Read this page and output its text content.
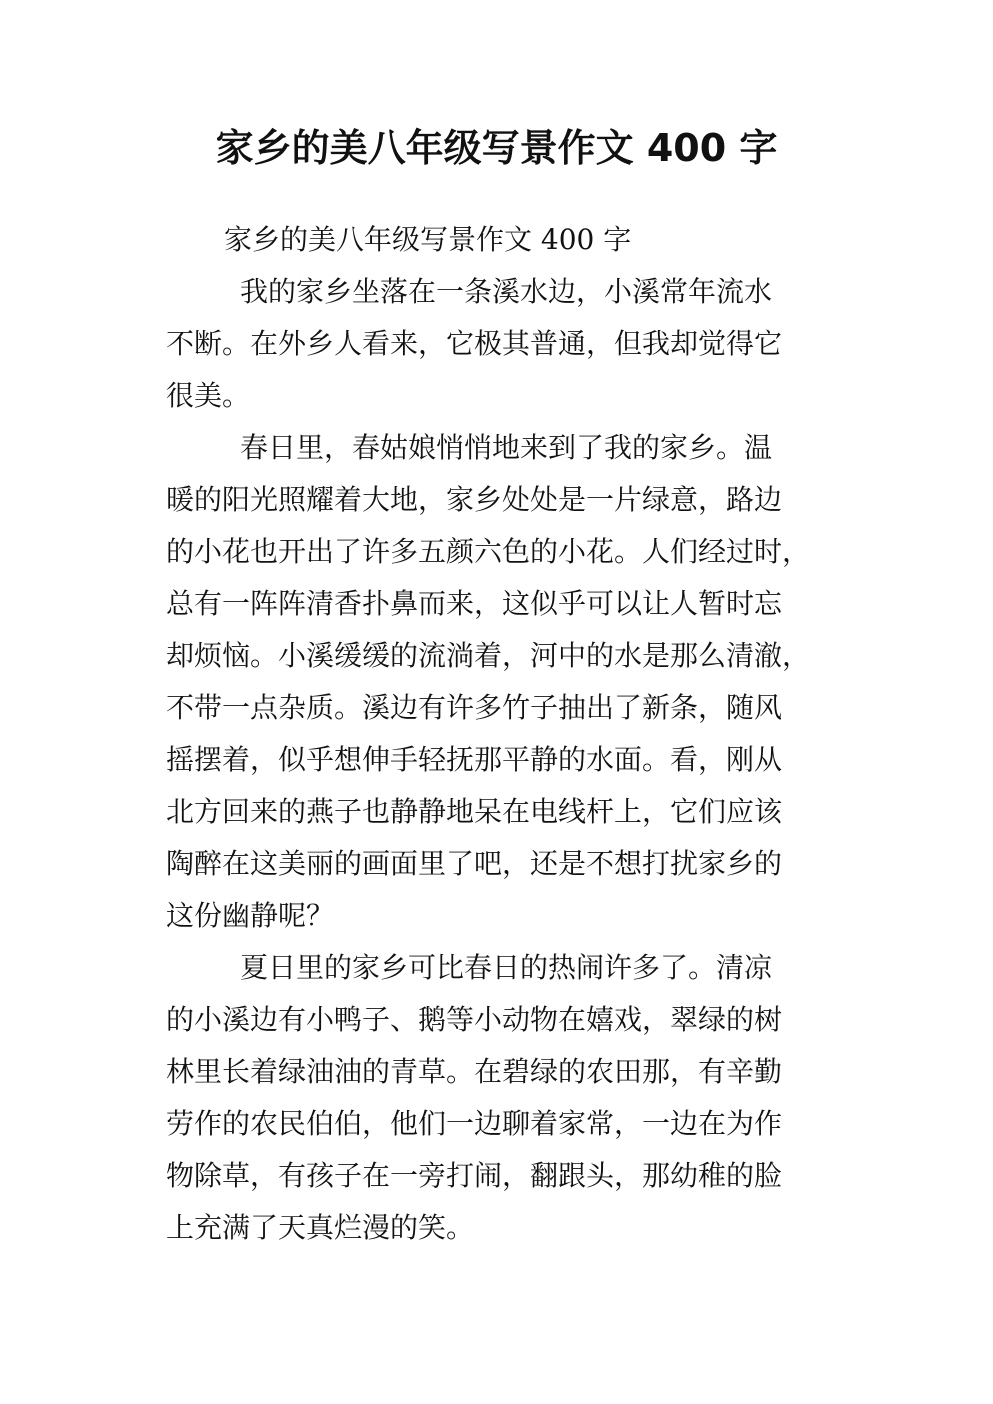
家乡的美八年级写景作文 400 字

家乡的美八年级写景作文 400 字

我的家乡坐落在一条溪水边，小溪常年流水
不断。在外乡人看来，它极其普通，但我却觉得它
很美。

春日里，春姑娘悄悄地来到了我的家乡。温
暖的阳光照耀着大地，家乡处处是一片绿意，路边
的小花也开出了许多五颜六色的小花。人们经过时，
总有一阵阵清香扑鼻而来，这似乎可以让人暂时忘
却烦恼。小溪缓缓的流淌着，河中的水是那么清澈，
不带一点杂质。溪边有许多竹子抽出了新条，随风
摇摆着，似乎想伸手轻抚那平静的水面。看，刚从
北方回来的燕子也静静地呆在电线杆上，它们应该
陶醉在这美丽的画面里了吧，还是不想打扰家乡的
这份幽静呢？

夏日里的家乡可比春日的热闹许多了。清凉
的小溪边有小鸭子、鹅等小动物在嬉戏，翠绿的树
林里长着绿油油的青草。在碧绿的农田那，有辛勤
劳作的农民伯伯，他们一边聊着家常，一边在为作
物除草，有孩子在一旁打闹，翻跟头，那幼稚的脸
上充满了天真烂漫的笑。
